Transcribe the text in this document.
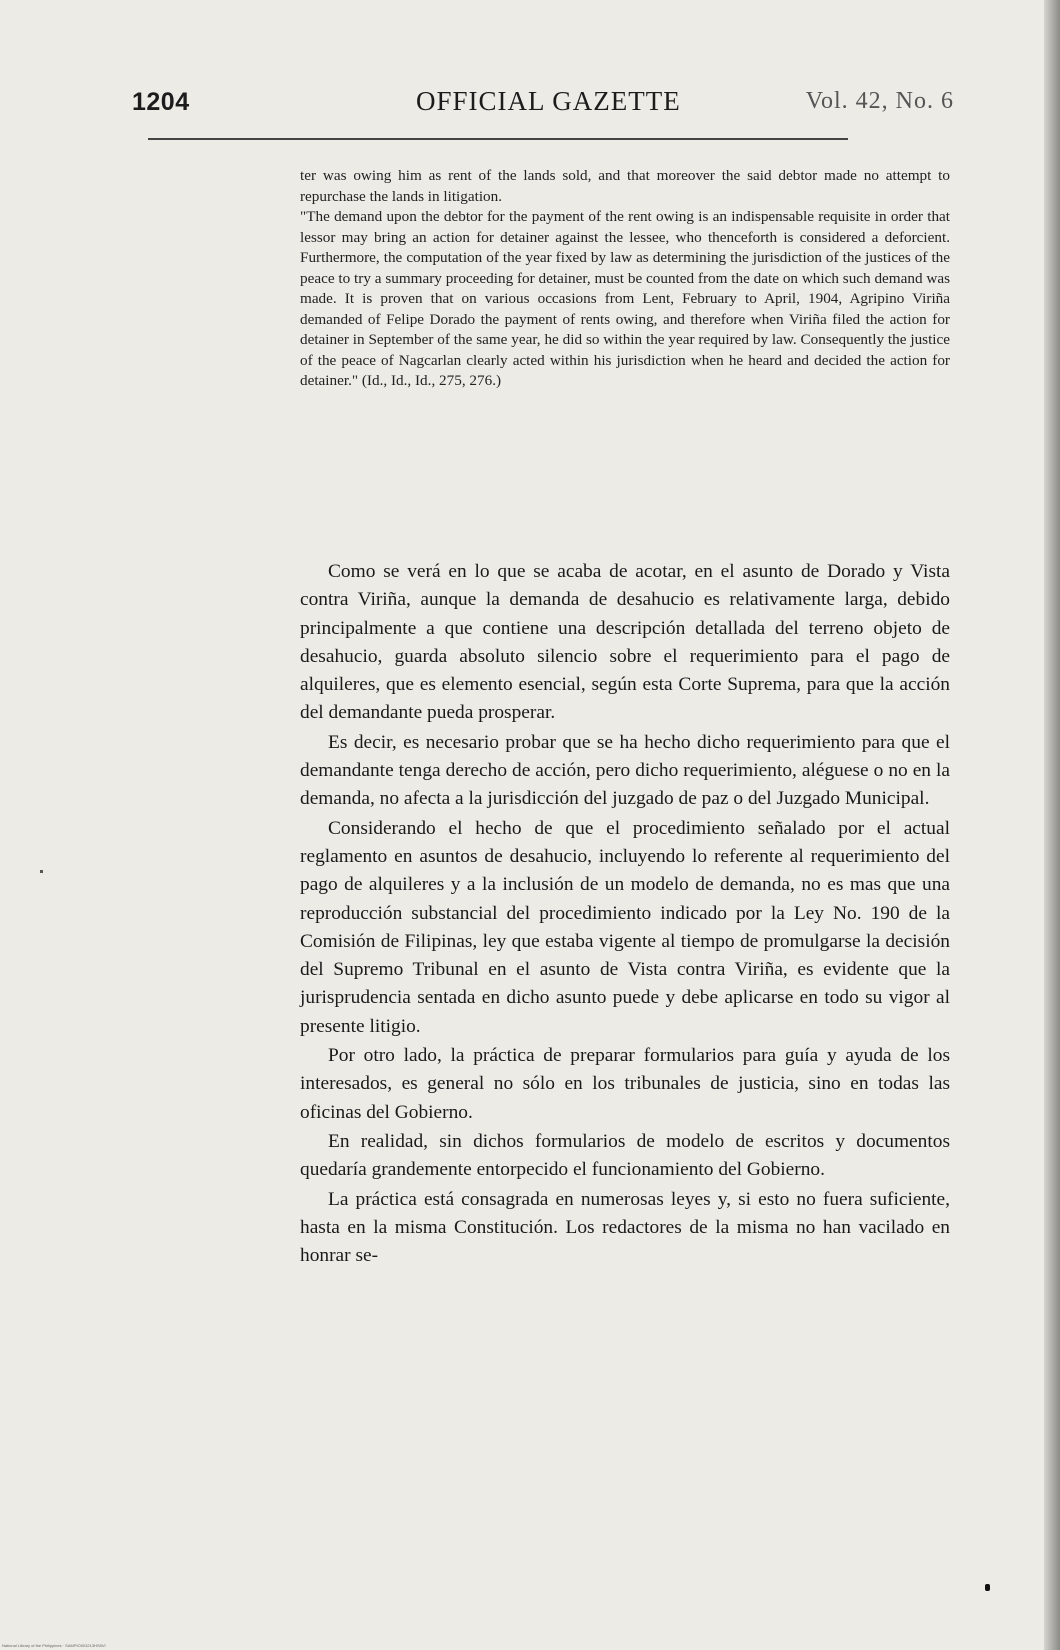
1204	OFFICIAL GAZETTE	Vol. 42, No. 6

ter was owing him as rent of the lands sold, and that moreover the said debtor made no attempt to repurchase the lands in litigation.

"The demand upon the debtor for the payment of the rent owing is an indispensable requisite in order that lessor may bring an action for detainer against the lessee, who thenceforth is considered a deforcient. Furthermore, the computation of the year fixed by law as determining the jurisdiction of the justices of the peace to try a summary proceeding for detainer, must be counted from the date on which such demand was made. It is proven that on various occasions from Lent, February to April, 1904, Agripino Viriña demanded of Felipe Dorado the payment of rents owing, and therefore when Viriña filed the action for detainer in September of the same year, he did so within the year required by law. Consequently the justice of the peace of Nagcarlan clearly acted within his jurisdiction when he heard and decided the action for detainer." (Id., Id., Id., 275, 276.)

Como se verá en lo que se acaba de acotar, en el asunto de Dorado y Vista contra Viriña, aunque la demanda de desahucio es relativamente larga, debido principalmente a que contiene una descripción detallada del terreno objeto de desahucio, guarda absoluto silencio sobre el requerimiento para el pago de alquileres, que es elemento esencial, según esta Corte Suprema, para que la acción del demandante pueda prosperar.

Es decir, es necesario probar que se ha hecho dicho requerimiento para que el demandante tenga derecho de acción, pero dicho requerimiento, aléguese o no en la demanda, no afecta a la jurisdicción del juzgado de paz o del Juzgado Municipal.

Considerando el hecho de que el procedimiento señalado por el actual reglamento en asuntos de desahucio, incluyendo lo referente al requerimiento del pago de alquileres y a la inclusión de un modelo de demanda, no es mas que una reproducción substancial del procedimiento indicado por la Ley No. 190 de la Comisión de Filipinas, ley que estaba vigente al tiempo de promulgarse la decisión del Supremo Tribunal en el asunto de Vista contra Viriña, es evidente que la jurisprudencia sentada en dicho asunto puede y debe aplicarse en todo su vigor al presente litigio.

Por otro lado, la práctica de preparar formularios para guía y ayuda de los interesados, es general no sólo en los tribunales de justicia, sino en todas las oficinas del Gobierno.

En realidad, sin dichos formularios de modelo de escritos y documentos quedaría grandemente entorpecido el funcionamiento del Gobierno.

La práctica está consagrada en numerosas leyes y, si esto no fuera suficiente, hasta en la misma Constitución. Los redactores de la misma no han vacilado en honrar se-

National Library of the Philippines · SAMPIO003213HS5VI
